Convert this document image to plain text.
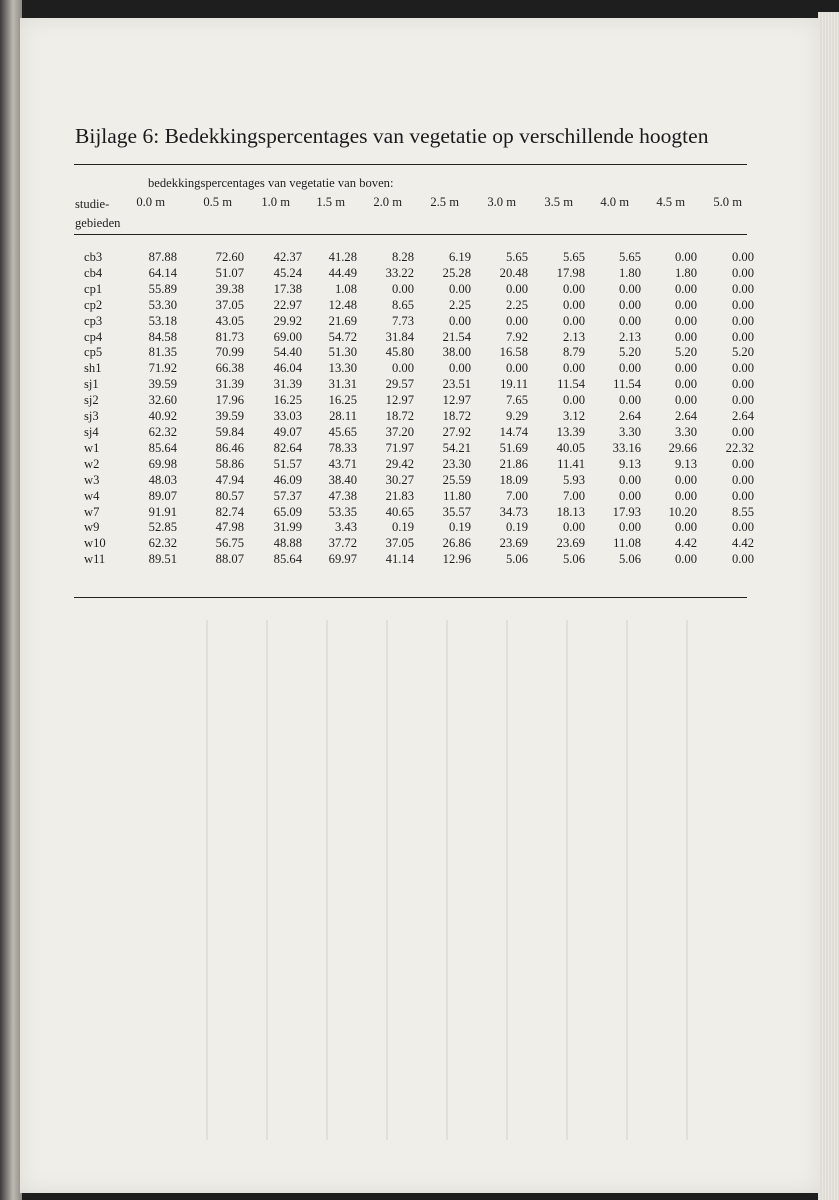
Bijlage 6: Bedekkingspercentages van vegetatie op verschillende hoogten
bedekkingspercentages van vegetatie van boven:
studie-
gebieden
0.0 m	0.5 m 1.0 m 1.5 m 2.0 m 2.5 m 3.0 m 3.5 m 4.0 m 4.5 m 5.0 m
cb3	87.88	72.60	42.37	41.28	8.28	6.19	5.65	5.65	5.65	0.00	0.00
cb4	64.14	51.07	45.24	44.49	33.22	25.28	20.48	17.98	1.80	1.80	0.00
cp1	55.89	39.38	17.38	1.08	0.00	0.00	0.00	0.00	0.00	0.00	0.00
cp2	53.30	37.05	22.97	12.48	8.65	2.25	2.25	0.00	0.00	0.00	0.00
cp3	53.18	43.05	29.92	21.69	7.73	0.00	0.00	0.00	0.00	0.00	0.00
cp4	84.58	81.73	69.00	54.72	31.84	21.54	7.92	2.13	2.13	0.00	0.00
cp5	81.35	70.99	54.40	51.30	45.80	38.00	16.58	8.79	5.20	5.20	5.20
sh1	71.92	66.38	46.04	13.30	0.00	0.00	0.00	0.00	0.00	0.00	0.00
sj1	39.59	31.39	31.39	31.31	29.57	23.51	19.11	11.54	11.54	0.00	0.00
sj2	32.60	17.96	16.25	16.25	12.97	12.97	7.65	0.00	0.00	0.00	0.00
sj3	40.92	39.59	33.03	28.11	18.72	18.72	9.29	3.12	2.64	2.64	2.64
sj4	62.32	59.84	49.07	45.65	37.20	27.92	14.74	13.39	3.30	3.30	0.00
w1	85.64	86.46	82.64	78.33	71.97	54.21	51.69	40.05	33.16	29.66	22.32
w2	69.98	58.86	51.57	43.71	29.42	23.30	21.86	11.41	9.13	9.13	0.00
w3	48.03	47.94	46.09	38.40	30.27	25.59	18.09	5.93	0.00	0.00	0.00
w4	89.07	80.57	57.37	47.38	21.83	11.80	7.00	7.00	0.00	0.00	0.00
w7	91.91	82.74	65.09	53.35	40.65	35.57	34.73	18.13	17.93	10.20	8.55
w9	52.85	47.98	31.99	3.43	0.19	0.19	0.19	0.00	0.00	0.00	0.00
w10	62.32	56.75	48.88	37.72	37.05	26.86	23.69	23.69	11.08	4.42	4.42
w11	89.51	88.07	85.64	69.97	41.14	12.96	5.06	5.06	5.06	0.00	0.00
